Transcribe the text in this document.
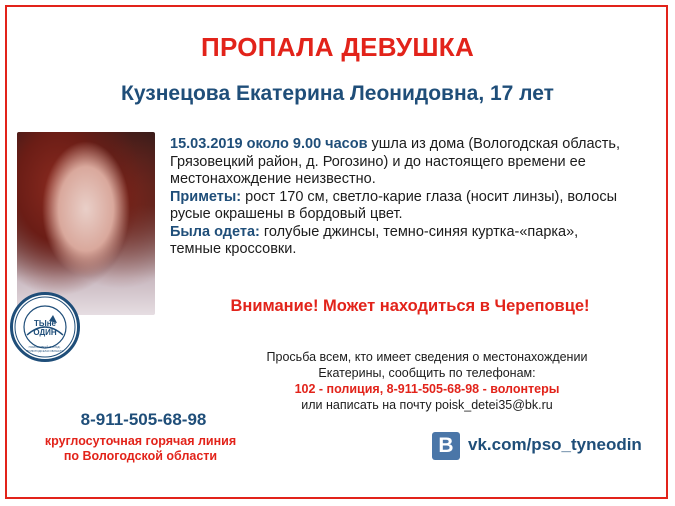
ПРОПАЛА ДЕВУШКА
Кузнецова Екатерина Леонидовна, 17 лет
ТЫне ОДИН
ПОИСКОВЫЙ ОТРЯД · ВОЛОГОДСКАЯ ОБЛАСТЬ

15.03.2019 около 9.00 часов ушла из дома (Вологодская область, Грязовецкий район, д. Рогозино) и до настоящего времени ее местонахождение неизвестно.

Приметы: рост 170 см, светло-карие глаза (носит линзы), волосы русые окрашены в бордовый цвет.

Была одета: голубые джинсы, темно-синяя куртка-«парка», темные кроссовки.

Внимание! Может находиться в Череповце!
Просьба всем, кто имеет сведения о местонахождении
Екатерины, сообщить по телефонам:
102 - полиция, 8-911-505-68-98 - волонтеры
или написать на почту poisk_detei35@bk.ru
8-911-505-68-98
круглосуточная горячая линия
по Вологодской области	В vk.com/pso_tyneodin
